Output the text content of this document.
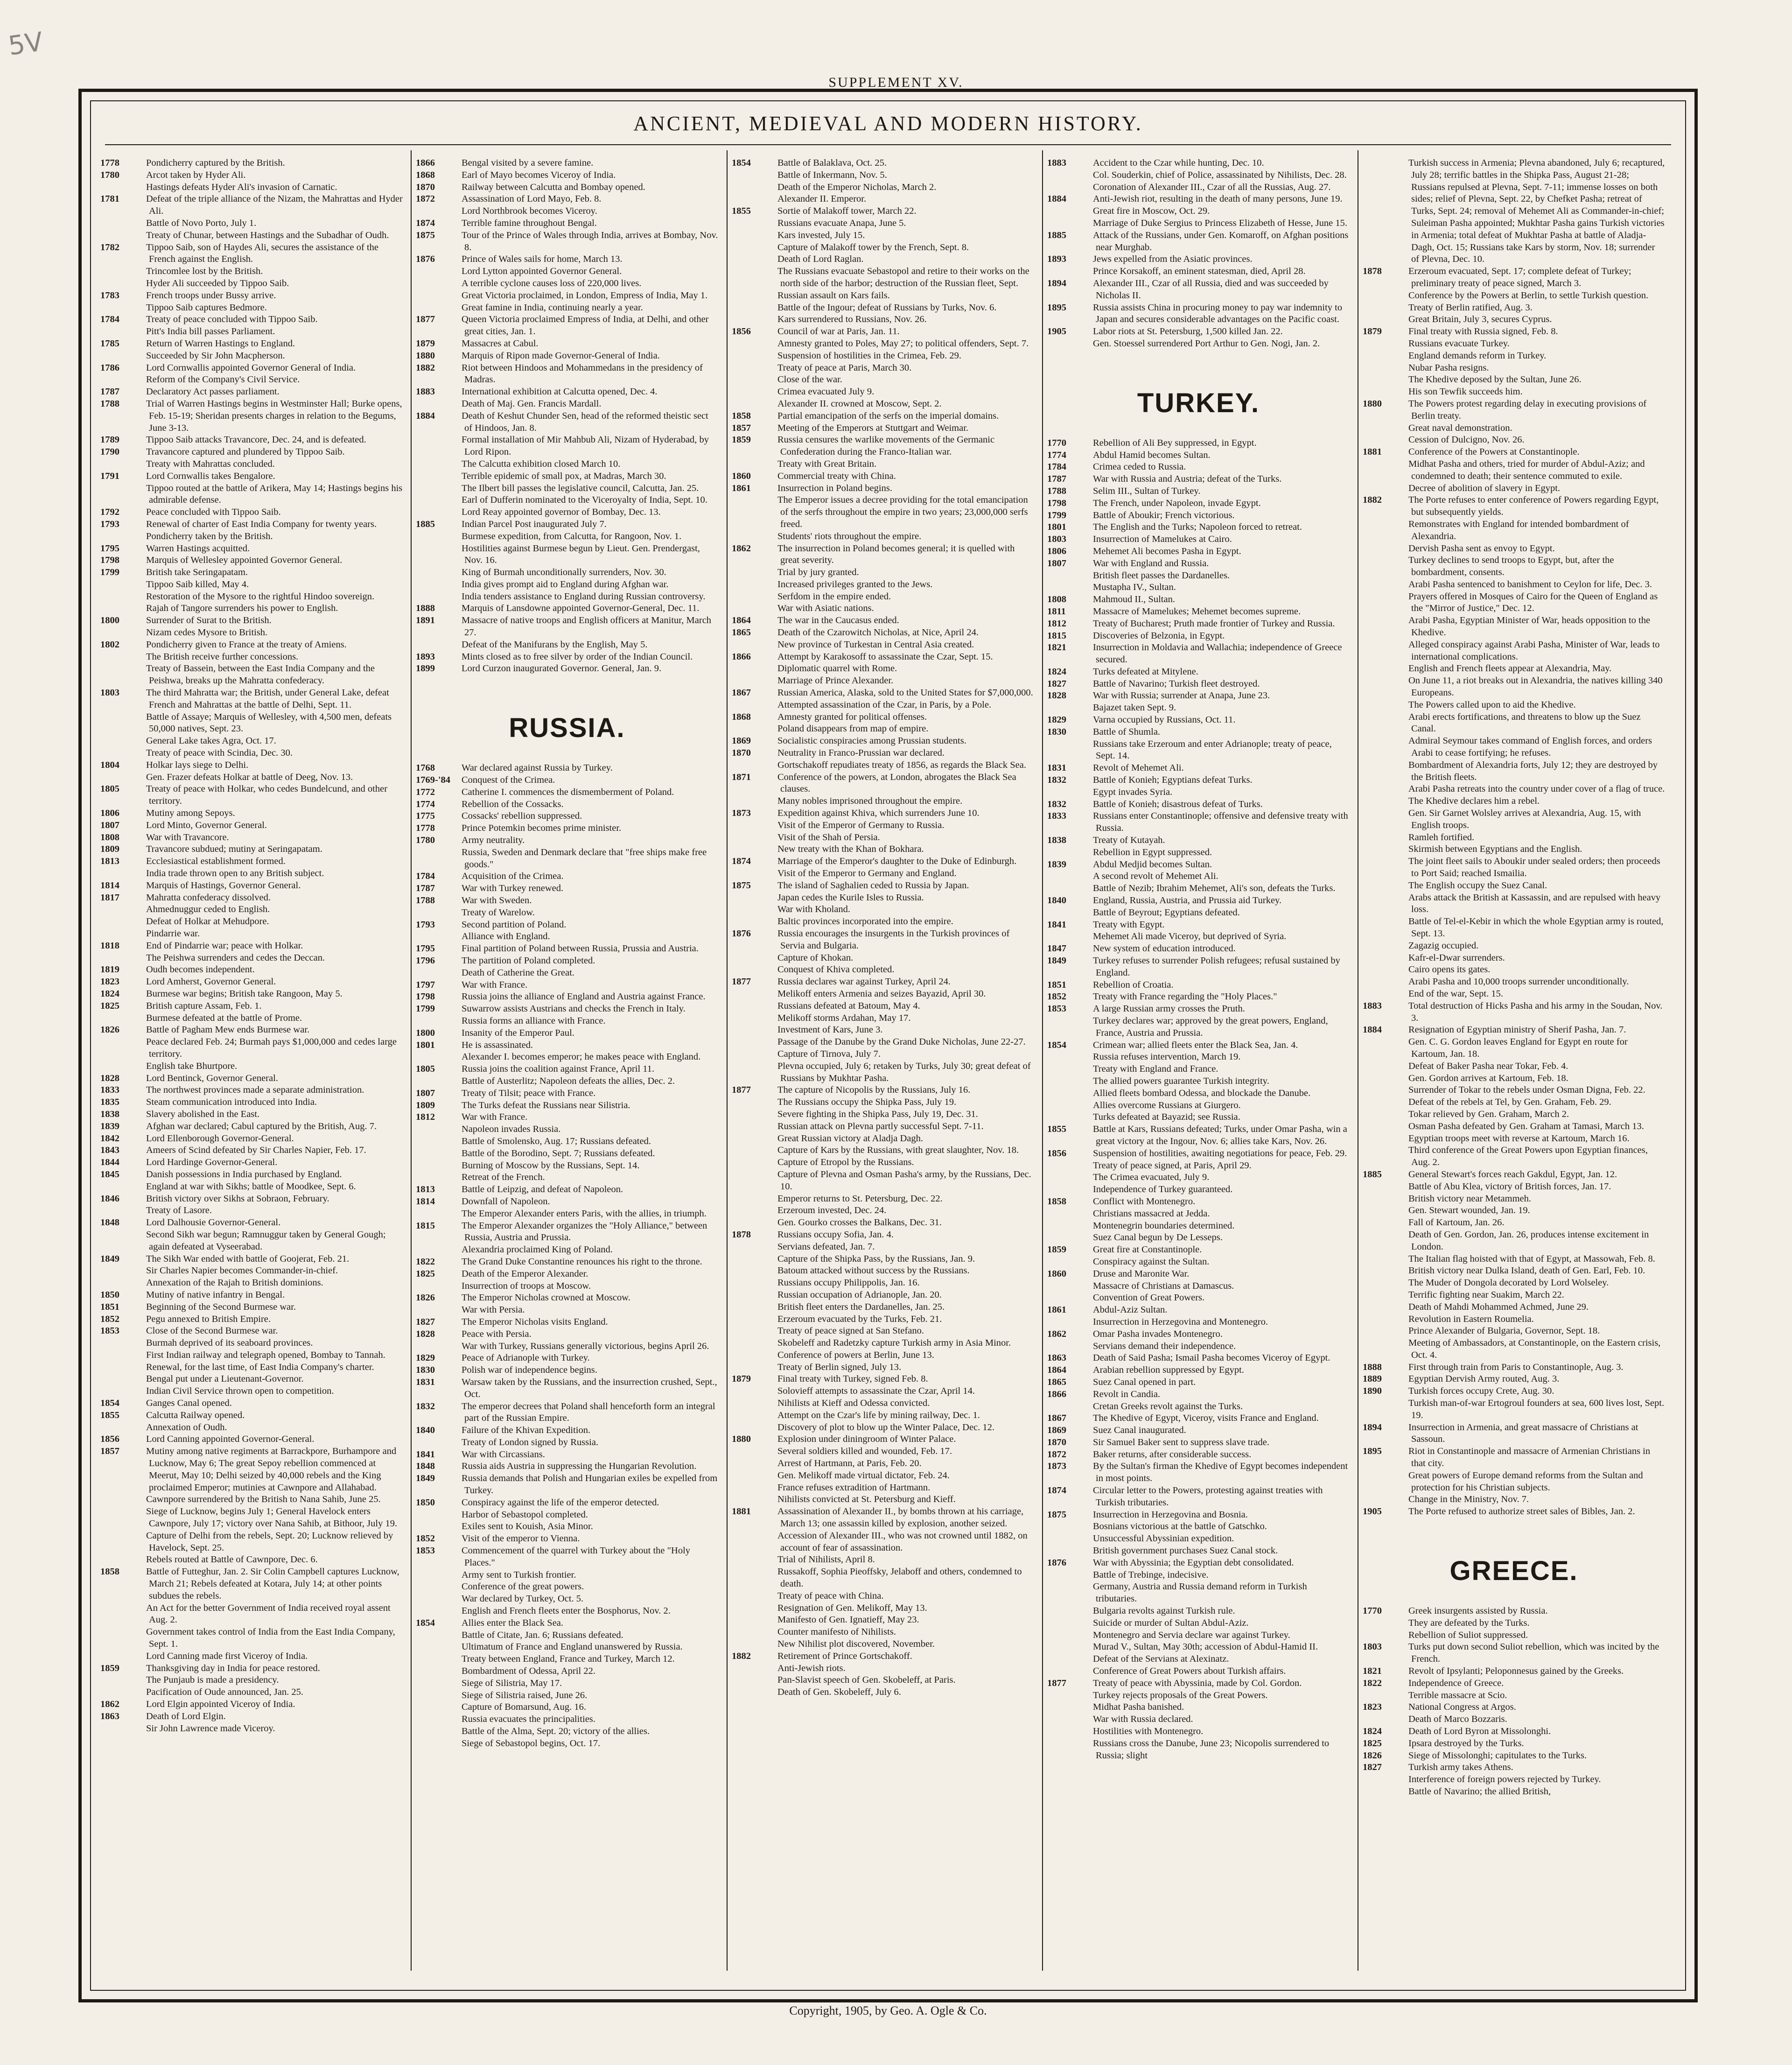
5V
SUPPLEMENT XV.
ANCIENT, MEDIEVAL AND MODERN HISTORY.

1778	Pondicherry captured by the British.

1780	Arcot taken by Hyder Ali.

Hastings defeats Hyder Ali's invasion of Carnatic.

1781	Defeat of the triple alliance of the Nizam, the Mahrattas and Hyder Ali.

Battle of Novo Porto, July 1.

Treaty of Chunar, between Hastings and the Subadhar of Oudh.

1782	Tippoo Saib, son of Haydes Ali, secures the assistance of the French against the English.

Trincomlee lost by the British.

Hyder Ali succeeded by Tippoo Saib.

1783	French troops under Bussy arrive.

Tippoo Saib captures Bedmore.

1784	Treaty of peace concluded with Tippoo Saib.

Pitt's India bill passes Parliament.

1785	Return of Warren Hastings to England.

Succeeded by Sir John Macpherson.

1786	Lord Cornwallis appointed Governor General of India.

Reform of the Company's Civil Service.

1787	Declaratory Act passes parliament.

1788	Trial of Warren Hastings begins in Westminster Hall; Burke opens, Feb. 15-19; Sheridan presents charges in relation to the Begums, June 3-13.

1789	Tippoo Saib attacks Travancore, Dec. 24, and is defeated.

1790	Travancore captured and plundered by Tippoo Saib.

Treaty with Mahrattas concluded.

1791	Lord Cornwallis takes Bengalore.

Tippoo routed at the battle of Arikera, May 14; Hastings begins his admirable defense.

1792	Peace concluded with Tippoo Saib.

1793	Renewal of charter of East India Company for twenty years.

Pondicherry taken by the British.

1795	Warren Hastings acquitted.

1798	Marquis of Wellesley appointed Governor General.

1799	British take Seringapatam.

Tippoo Saib killed, May 4.

Restoration of the Mysore to the rightful Hindoo sovereign.

Rajah of Tangore surrenders his power to English.

1800	Surrender of Surat to the British.

Nizam cedes Mysore to British.

1802	Pondicherry given to France at the treaty of Amiens.

The British receive further concessions.

Treaty of Bassein, between the East India Company and the Peishwa, breaks up the Mahratta confederacy.

1803	The third Mahratta war; the British, under General Lake, defeat French and Mahrattas at the battle of Delhi, Sept. 11.

Battle of Assaye; Marquis of Wellesley, with 4,500 men, defeats 50,000 natives, Sept. 23.

General Lake takes Agra, Oct. 17.

Treaty of peace with Scindia, Dec. 30.

1804	Holkar lays siege to Delhi.

Gen. Frazer defeats Holkar at battle of Deeg, Nov. 13.

1805	Treaty of peace with Holkar, who cedes Bundelcund, and other territory.

1806	Mutiny among Sepoys.

1807	Lord Minto, Governor General.

1808	War with Travancore.

1809	Travancore subdued; mutiny at Seringapatam.

1813	Ecclesiastical establishment formed.

India trade thrown open to any British subject.

1814	Marquis of Hastings, Governor General.

1817	Mahratta confederacy dissolved.

Ahmednuggur ceded to English.

Defeat of Holkar at Mehudpore.

Pindarrie war.

1818	End of Pindarrie war; peace with Holkar.

The Peishwa surrenders and cedes the Deccan.

1819	Oudh becomes independent.

1823	Lord Amherst, Governor General.

1824	Burmese war begins; British take Rangoon, May 5.

1825	British capture Assam, Feb. 1.

Burmese defeated at the battle of Prome.

1826	Battle of Pagham Mew ends Burmese war.

Peace declared Feb. 24; Burmah pays $1,000,000 and cedes large territory.

English take Bhurtpore.

1828	Lord Bentinck, Governor General.

1833	The northwest provinces made a separate administration.

1835	Steam communication introduced into India.

1838	Slavery abolished in the East.

1839	Afghan war declared; Cabul captured by the British, Aug. 7.

1842	Lord Ellenborough Governor-General.

1843	Ameers of Scind defeated by Sir Charles Napier, Feb. 17.

1844	Lord Hardinge Governor-General.

1845	Danish possessions in India purchased by England.

England at war with Sikhs; battle of Moodkee, Sept. 6.

1846	British victory over Sikhs at Sobraon, February.

Treaty of Lasore.

1848	Lord Dalhousie Governor-General.

Second Sikh war begun; Ramnuggur taken by General Gough; again defeated at Vyseerabad.

1849	The Sikh War ended with battle of Goojerat, Feb. 21.

Sir Charles Napier becomes Commander-in-chief.

Annexation of the Rajah to British dominions.

1850	Mutiny of native infantry in Bengal.

1851	Beginning of the Second Burmese war.

1852	Pegu annexed to British Empire.

1853	Close of the Second Burmese war.

Burmah deprived of its seaboard provinces.

First Indian railway and telegraph opened, Bombay to Tannah.

Renewal, for the last time, of East India Company's charter.

Bengal put under a Lieutenant-Governor.

Indian Civil Service thrown open to competition.

1854	Ganges Canal opened.

1855	Calcutta Railway opened.

Annexation of Oudh.

1856	Lord Canning appointed Governor-General.

1857	Mutiny among native regiments at Barrackpore, Burhampore and Lucknow, May 6; The great Sepoy rebellion commenced at Meerut, May 10; Delhi seized by 40,000 rebels and the King proclaimed Emperor; mutinies at Cawnpore and Allahabad.

Cawnpore surrendered by the British to Nana Sahib, June 25.

Siege of Lucknow, begins July 1; General Havelock enters Cawnpore, July 17; victory over Nana Sahib, at Bithoor, July 19.

Capture of Delhi from the rebels, Sept. 20; Lucknow relieved by Havelock, Sept. 25.

Rebels routed at Battle of Cawnpore, Dec. 6.

1858	Battle of Futteghur, Jan. 2. Sir Colin Campbell captures Lucknow, March 21; Rebels defeated at Kotara, July 14; at other points subdues the rebels.

An Act for the better Government of India received royal assent Aug. 2.

Government takes control of India from the East India Company, Sept. 1.

Lord Canning made first Viceroy of India.

1859	Thanksgiving day in India for peace restored.

The Punjaub is made a presidency.

Pacification of Oude announced, Jan. 25.

1862	Lord Elgin appointed Viceroy of India.

1863	Death of Lord Elgin.

Sir John Lawrence made Viceroy.

1866	Bengal visited by a severe famine.

1868	Earl of Mayo becomes Viceroy of India.

1870	Railway between Calcutta and Bombay opened.

1872	Assassination of Lord Mayo, Feb. 8.

Lord Northbrook becomes Viceroy.

1874	Terrible famine throughout Bengal.

1875	Tour of the Prince of Wales through India, arrives at Bombay, Nov. 8.

1876	Prince of Wales sails for home, March 13.

Lord Lytton appointed Governor General.

A terrible cyclone causes loss of 220,000 lives.

Great Victoria proclaimed, in London, Empress of India, May 1.

Great famine in India, continuing nearly a year.

1877	Queen Victoria proclaimed Empress of India, at Delhi, and other great cities, Jan. 1.

1879	Massacres at Cabul.

1880	Marquis of Ripon made Governor-General of India.

1882	Riot between Hindoos and Mohammedans in the presidency of Madras.

1883	International exhibition at Calcutta opened, Dec. 4.

Death of Maj. Gen. Francis Mardall.

1884	Death of Keshut Chunder Sen, head of the reformed theistic sect of Hindoos, Jan. 8.

Formal installation of Mir Mahbub Ali, Nizam of Hyderabad, by Lord Ripon.

The Calcutta exhibition closed March 10.

Terrible epidemic of small pox, at Madras, March 30.

The Ilbert bill passes the legislative council, Calcutta, Jan. 25.

Earl of Dufferin nominated to the Viceroyalty of India, Sept. 10.

Lord Reay appointed governor of Bombay, Dec. 13.

1885	Indian Parcel Post inaugurated July 7.

Burmese expedition, from Calcutta, for Rangoon, Nov. 1.

Hostilities against Burmese begun by Lieut. Gen. Prendergast, Nov. 16.

King of Burmah unconditionally surrenders, Nov. 30.

India gives prompt aid to England during Afghan war.

India tenders assistance to England during Russian controversy.

1888	Marquis of Lansdowne appointed Governor-General, Dec. 11.

1891	Massacre of native troops and English officers at Manitur, March 27.

Defeat of the Manifurans by the English, May 5.

1893	Mints closed as to free silver by order of the Indian Council.

1899	Lord Curzon inaugurated Governor. General, Jan. 9.

RUSSIA.

1768	War declared against Russia by Turkey.

1769-'84 Conquest of the Crimea.

1772	Catherine I. commences the dismemberment of Poland.

1774	Rebellion of the Cossacks.

1775	Cossacks' rebellion suppressed.

1778	Prince Potemkin becomes prime minister.

1780	Army neutrality.

Russia, Sweden and Denmark declare that "free ships make free goods."

1784	Acquisition of the Crimea.

1787	War with Turkey renewed.

1788	War with Sweden.

Treaty of Warelow.

1793	Second partition of Poland.

Alliance with England.

1795	Final partition of Poland between Russia, Prussia and Austria.

1796	The partition of Poland completed.

Death of Catherine the Great.

1797	War with France.

1798	Russia joins the alliance of England and Austria against France.

1799	Suwarrow assists Austrians and checks the French in Italy.

Russia forms an alliance with France.

1800	Insanity of the Emperor Paul.

1801	He is assassinated.

Alexander I. becomes emperor; he makes peace with England.

1805	Russia joins the coalition against France, April 11.

Battle of Austerlitz; Napoleon defeats the allies, Dec. 2.

1807	Treaty of Tilsit; peace with France.

1809	The Turks defeat the Russians near Silistria.

1812	War with France.

Napoleon invades Russia.

Battle of Smolensko, Aug. 17; Russians defeated.

Battle of the Borodino, Sept. 7; Russians defeated.

Burning of Moscow by the Russians, Sept. 14.

Retreat of the French.

1813	Battle of Leipzig, and defeat of Napoleon.

1814	Downfall of Napoleon.

The Emperor Alexander enters Paris, with the allies, in triumph.

1815	The Emperor Alexander organizes the "Holy Alliance," between Russia, Austria and Prussia.

Alexandria proclaimed King of Poland.

1822	The Grand Duke Constantine renounces his right to the throne.

1825	Death of the Emperor Alexander.

Insurrection of troops at Moscow.

1826	The Emperor Nicholas crowned at Moscow.

War with Persia.

1827	The Emperor Nicholas visits England.

1828	Peace with Persia.

War with Turkey, Russians generally victorious, begins April 26.

1829	Peace of Adrianople with Turkey.

1830	Polish war of independence begins.

1831	Warsaw taken by the Russians, and the insurrection crushed, Sept., Oct.

1832	The emperor decrees that Poland shall henceforth form an integral part of the Russian Empire.

1840	Failure of the Khivan Expedition.

Treaty of London signed by Russia.

1841	War with Circassians.

1848	Russia aids Austria in suppressing the Hungarian Revolution.

1849	Russia demands that Polish and Hungarian exiles be expelled from Turkey.

1850	Conspiracy against the life of the emperor detected.

Harbor of Sebastopol completed.

Exiles sent to Kouish, Asia Minor.

1852	Visit of the emperor to Vienna.

1853	Commencement of the quarrel with Turkey about the "Holy Places."

Army sent to Turkish frontier.

Conference of the great powers.

War declared by Turkey, Oct. 5.

English and French fleets enter the Bosphorus, Nov. 2.

1854	Allies enter the Black Sea.

Battle of Citate, Jan. 6; Russians defeated.

Ultimatum of France and England unanswered by Russia.

Treaty between England, France and Turkey, March 12.

Bombardment of Odessa, April 22.

Siege of Silistria, May 17.

Siege of Silistria raised, June 26.

Capture of Bomarsund, Aug. 16.

Russia evacuates the principalities.

Battle of the Alma, Sept. 20; victory of the allies.

Siege of Sebastopol begins, Oct. 17.

1854	Battle of Balaklava, Oct. 25.

Battle of Inkermann, Nov. 5.

Death of the Emperor Nicholas, March 2.

Alexander II. Emperor.

1855	Sortie of Malakoff tower, March 22.

Russians evacuate Anapa, June 5.

Kars invested, July 15.

Capture of Malakoff tower by the French, Sept. 8.

Death of Lord Raglan.

The Russians evacuate Sebastopol and retire to their works on the north side of the harbor; destruction of the Russian fleet, Sept.

Russian assault on Kars fails.

Battle of the Ingour; defeat of Russians by Turks, Nov. 6.

Kars surrendered to Russians, Nov. 26.

1856	Council of war at Paris, Jan. 11.

Amnesty granted to Poles, May 27; to political offenders, Sept. 7.

Suspension of hostilities in the Crimea, Feb. 29.

Treaty of peace at Paris, March 30.

Close of the war.

Crimea evacuated July 9.

Alexander II. crowned at Moscow, Sept. 2.

1858	Partial emancipation of the serfs on the imperial domains.

1857	Meeting of the Emperors at Stuttgart and Weimar.

1859	Russia censures the warlike movements of the Germanic Confederation during the Franco-Italian war.

Treaty with Great Britain.

1860	Commercial treaty with China.

1861	Insurrection in Poland begins.

The Emperor issues a decree providing for the total emancipation of the serfs throughout the empire in two years; 23,000,000 serfs freed.

Students' riots throughout the empire.

1862	The insurrection in Poland becomes general; it is quelled with great severity.

Trial by jury granted.

Increased privileges granted to the Jews.

Serfdom in the empire ended.

War with Asiatic nations.

1864	The war in the Caucasus ended.

1865	Death of the Czarowitch Nicholas, at Nice, April 24.

New province of Turkestan in Central Asia created.

1866	Attempt by Karakosoff to assassinate the Czar, Sept. 15.

Diplomatic quarrel with Rome.

Marriage of Prince Alexander.

1867	Russian America, Alaska, sold to the United States for $7,000,000.

Attempted assassination of the Czar, in Paris, by a Pole.

1868	Amnesty granted for political offenses.

Poland disappears from map of empire.

1869	Socialistic conspiracies among Prussian students.

1870	Neutrality in Franco-Prussian war declared.

Gortschakoff repudiates treaty of 1856, as regards the Black Sea.

1871	Conference of the powers, at London, abrogates the Black Sea clauses.

Many nobles imprisoned throughout the empire.

1873	Expedition against Khiva, which surrenders June 10.

Visit of the Emperor of Germany to Russia.

Visit of the Shah of Persia.

New treaty with the Khan of Bokhara.

1874	Marriage of the Emperor's daughter to the Duke of Edinburgh.

Visit of the Emperor to Germany and England.

1875	The island of Saghalien ceded to Russia by Japan.

Japan cedes the Kurile Isles to Russia.

War with Kholand.

Baltic provinces incorporated into the empire.

1876	Russia encourages the insurgents in the Turkish provinces of Servia and Bulgaria.

Capture of Khokan.

Conquest of Khiva completed.

1877	Russia declares war against Turkey, April 24.

Melikoff enters Armenia and seizes Bayazid, April 30.

Russians defeated at Batoum, May 4.

Melikoff storms Ardahan, May 17.

Investment of Kars, June 3.

Passage of the Danube by the Grand Duke Nicholas, June 22-27.

Capture of Tirnova, July 7.

Plevna occupied, July 6; retaken by Turks, July 30; great defeat of Russians by Mukhtar Pasha.

1877	The capture of Nicopolis by the Russians, July 16.

The Russians occupy the Shipka Pass, July 19.

Severe fighting in the Shipka Pass, July 19, Dec. 31.

Russian attack on Plevna partly successful Sept. 7-11.

Great Russian victory at Aladja Dagh.

Capture of Kars by the Russians, with great slaughter, Nov. 18.

Capture of Etropol by the Russians.

Capture of Plevna and Osman Pasha's army, by the Russians, Dec. 10.

Emperor returns to St. Petersburg, Dec. 22.

Erzeroum invested, Dec. 24.

Gen. Gourko crosses the Balkans, Dec. 31.

1878	Russians occupy Sofia, Jan. 4.

Servians defeated, Jan. 7.

Capture of the Shipka Pass, by the Russians, Jan. 9.

Batoum attacked without success by the Russians.

Russians occupy Philippolis, Jan. 16.

Russian occupation of Adrianople, Jan. 20.

British fleet enters the Dardanelles, Jan. 25.

Erzeroum evacuated by the Turks, Feb. 21.

Treaty of peace signed at San Stefano.

Skobeleff and Radetzky capture Turkish army in Asia Minor.

Conference of powers at Berlin, June 13.

Treaty of Berlin signed, July 13.

1879	Final treaty with Turkey, signed Feb. 8.

Solovieff attempts to assassinate the Czar, April 14.

Nihilists at Kieff and Odessa convicted.

Attempt on the Czar's life by mining railway, Dec. 1.

Discovery of plot to blow up the Winter Palace, Dec. 12.

1880	Explosion under diningroom of Winter Palace.

Several soldiers killed and wounded, Feb. 17.

Arrest of Hartmann, at Paris, Feb. 20.

Gen. Melikoff made virtual dictator, Feb. 24.

France refuses extradition of Hartmann.

Nihilists convicted at St. Petersburg and Kieff.

1881	Assassination of Alexander II., by bombs thrown at his carriage, March 13; one assassin killed by explosion, another seized.

Accession of Alexander III., who was not crowned until 1882, on account of fear of assassination.

Trial of Nihilists, April 8.

Russakoff, Sophia Pieoffsky, Jelaboff and others, condemned to death.

Treaty of peace with China.

Resignation of Gen. Melikoff, May 13.

Manifesto of Gen. Ignatieff, May 23.

Counter manifesto of Nihilists.

New Nihilist plot discovered, November.

1882	Retirement of Prince Gortschakoff.

Anti-Jewish riots.

Pan-Slavist speech of Gen. Skobeleff, at Paris.

Death of Gen. Skobeleff, July 6.

1883	Accident to the Czar while hunting, Dec. 10.

Col. Souderkin, chief of Police, assassinated by Nihilists, Dec. 28.

Coronation of Alexander III., Czar of all the Russias, Aug. 27.

1884	Anti-Jewish riot, resulting in the death of many persons, June 19.

Great fire in Moscow, Oct. 29.

Marriage of Duke Sergius to Princess Elizabeth of Hesse, June 15.

1885	Attack of the Russians, under Gen. Komaroff, on Afghan positions near Murghab.

1893	Jews expelled from the Asiatic provinces.

Prince Korsakoff, an eminent statesman, died, April 28.

1894	Alexander III., Czar of all Russia, died and was succeeded by Nicholas II.

1895	Russia assists China in procuring money to pay war indemnity to Japan and secures considerable advantages on the Pacific coast.

1905	Labor riots at St. Petersburg, 1,500 killed Jan. 22.

Gen. Stoessel surrendered Port Arthur to Gen. Nogi, Jan. 2.

TURKEY.

1770	Rebellion of Ali Bey suppressed, in Egypt.

1774	Abdul Hamid becomes Sultan.

1784	Crimea ceded to Russia.

1787	War with Russia and Austria; defeat of the Turks.

1788	Selim III., Sultan of Turkey.

1798	The French, under Napoleon, invade Egypt.

1799	Battle of Aboukir; French victorious.

1801	The English and the Turks; Napoleon forced to retreat.

1803	Insurrection of Mamelukes at Cairo.

1806	Mehemet Ali becomes Pasha in Egypt.

1807	War with England and Russia.

British fleet passes the Dardanelles.

Mustapha IV., Sultan.

1808	Mahmoud II., Sultan.

1811	Massacre of Mamelukes; Mehemet becomes supreme.

1812	Treaty of Bucharest; Pruth made frontier of Turkey and Russia.

1815	Discoveries of Belzonia, in Egypt.

1821	Insurrection in Moldavia and Wallachia; independence of Greece secured.

1824	Turks defeated at Mitylene.

1827	Battle of Navarino; Turkish fleet destroyed.

1828	War with Russia; surrender at Anapa, June 23.

Bajazet taken Sept. 9.

1829	Varna occupied by Russians, Oct. 11.

1830	Battle of Shumla.

Russians take Erzeroum and enter Adrianople; treaty of peace, Sept. 14.

1831	Revolt of Mehemet Ali.

1832	Battle of Konieh; Egyptians defeat Turks.

Egypt invades Syria.

1832	Battle of Konieh; disastrous defeat of Turks.

1833	Russians enter Constantinople; offensive and defensive treaty with Russia.

1838	Treaty of Kutayah.

Rebellion in Egypt suppressed.

1839	Abdul Medjid becomes Sultan.

A second revolt of Mehemet Ali.

Battle of Nezib; Ibrahim Mehemet, Ali's son, defeats the Turks.

1840	England, Russia, Austria, and Prussia aid Turkey.

Battle of Beyrout; Egyptians defeated.

1841	Treaty with Egypt.

Mehemet Ali made Viceroy, but deprived of Syria.

1847	New system of education introduced.

1849	Turkey refuses to surrender Polish refugees; refusal sustained by England.

1851	Rebellion of Croatia.

1852	Treaty with France regarding the "Holy Places."

1853	A large Russian army crosses the Pruth.

Turkey declares war; approved by the great powers, England, France, Austria and Prussia.

1854	Crimean war; allied fleets enter the Black Sea, Jan. 4.

Russia refuses intervention, March 19.

Treaty with England and France.

The allied powers guarantee Turkish integrity.

Allied fleets bombard Odessa, and blockade the Danube.

Allies overcome Russians at Giurgero.

Turks defeated at Bayazid; see Russia.

1855	Battle at Kars, Russians defeated; Turks, under Omar Pasha, win a great victory at the Ingour, Nov. 6; allies take Kars, Nov. 26.

1856	Suspension of hostilities, awaiting negotiations for peace, Feb. 29.

Treaty of peace signed, at Paris, April 29.

The Crimea evacuated, July 9.

Independence of Turkey guaranteed.

1858	Conflict with Montenegro.

Christians massacred at Jedda.

Montenegrin boundaries determined.

Suez Canal begun by De Lesseps.

1859	Great fire at Constantinople.

Conspiracy against the Sultan.

1860	Druse and Maronite War.

Massacre of Christians at Damascus.

Convention of Great Powers.

1861	Abdul-Aziz Sultan.

Insurrection in Herzegovina and Montenegro.

1862	Omar Pasha invades Montenegro.

Servians demand their independence.

1863	Death of Said Pasha; Ismail Pasha becomes Viceroy of Egypt.

1864	Arabian rebellion suppressed by Egypt.

1865	Suez Canal opened in part.

1866	Revolt in Candia.

Cretan Greeks revolt against the Turks.

1867	The Khedive of Egypt, Viceroy, visits France and England.

1869	Suez Canal inaugurated.

1870	Sir Samuel Baker sent to suppress slave trade.

1872	Baker returns, after considerable success.

1873	By the Sultan's firman the Khedive of Egypt becomes independent in most points.

1874	Circular letter to the Powers, protesting against treaties with Turkish tributaries.

1875	Insurrection in Herzegovina and Bosnia.

Bosnians victorious at the battle of Gatschko.

Unsuccessful Abyssinian expedition.

British government purchases Suez Canal stock.

1876	War with Abyssinia; the Egyptian debt consolidated.

Battle of Trebinge, indecisive.

Germany, Austria and Russia demand reform in Turkish tributaries.

Bulgaria revolts against Turkish rule.

Suicide or murder of Sultan Abdul-Aziz.

Montenegro and Servia declare war against Turkey.

Murad V., Sultan, May 30th; accession of Abdul-Hamid II.

Defeat of the Servians at Alexinatz.

Conference of Great Powers about Turkish affairs.

1877	Treaty of peace with Abyssinia, made by Col. Gordon.

Turkey rejects proposals of the Great Powers.

Midhat Pasha banished.

War with Russia declared.

Hostilities with Montenegro.

Russians cross the Danube, June 23; Nicopolis surrendered to Russia; slight

Turkish success in Armenia; Plevna abandoned, July 6; recaptured, July 28; terrific battles in the Shipka Pass, August 21-28; Russians repulsed at Plevna, Sept. 7-11; immense losses on both sides; relief of Plevna, Sept. 22, by Chefket Pasha; retreat of Turks, Sept. 24; removal of Mehemet Ali as Commander-in-chief; Suleiman Pasha appointed; Mukhtar Pasha gains Turkish victories in Armenia; total defeat of Mukhtar Pasha at battle of Aladja-Dagh, Oct. 15; Russians take Kars by storm, Nov. 18; surrender of Plevna, Dec. 10.

1878	Erzeroum evacuated, Sept. 17; complete defeat of Turkey; preliminary treaty of peace signed, March 3.

Conference by the Powers at Berlin, to settle Turkish question.

Treaty of Berlin ratified, Aug. 3.

Great Britain, July 3, secures Cyprus.

1879	Final treaty with Russia signed, Feb. 8.

Russians evacuate Turkey.

England demands reform in Turkey.

Nubar Pasha resigns.

The Khedive deposed by the Sultan, June 26.

His son Tewfik succeeds him.

1880	The Powers protest regarding delay in executing provisions of Berlin treaty.

Great naval demonstration.

Cession of Dulcigno, Nov. 26.

1881	Conference of the Powers at Constantinople.

Midhat Pasha and others, tried for murder of Abdul-Aziz; and condemned to death; their sentence commuted to exile.

Decree of abolition of slavery in Egypt.

1882	The Porte refuses to enter conference of Powers regarding Egypt, but subsequently yields.

Remonstrates with England for intended bombardment of Alexandria.

Dervish Pasha sent as envoy to Egypt.

Turkey declines to send troops to Egypt, but, after the bombardment, consents.

Arabi Pasha sentenced to banishment to Ceylon for life, Dec. 3.

Prayers offered in Mosques of Cairo for the Queen of England as the "Mirror of Justice," Dec. 12.

Arabi Pasha, Egyptian Minister of War, heads opposition to the Khedive.

Alleged conspiracy against Arabi Pasha, Minister of War, leads to international complications.

English and French fleets appear at Alexandria, May.

On June 11, a riot breaks out in Alexandria, the natives killing 340 Europeans.

The Powers called upon to aid the Khedive.

Arabi erects fortifications, and threatens to blow up the Suez Canal.

Admiral Seymour takes command of English forces, and orders Arabi to cease fortifying; he refuses.

Bombardment of Alexandria forts, July 12; they are destroyed by the British fleets.

Arabi Pasha retreats into the country under cover of a flag of truce.

The Khedive declares him a rebel.

Gen. Sir Garnet Wolsley arrives at Alexandria, Aug. 15, with English troops.

Ramleh fortified.

Skirmish between Egyptians and the English.

The joint fleet sails to Aboukir under sealed orders; then proceeds to Port Said; reached Ismailia.

The English occupy the Suez Canal.

Arabs attack the British at Kassassin, and are repulsed with heavy loss.

Battle of Tel-el-Kebir in which the whole Egyptian army is routed, Sept. 13.

Zagazig occupied.

Kafr-el-Dwar surrenders.

Cairo opens its gates.

Arabi Pasha and 10,000 troops surrender unconditionally.

End of the war, Sept. 15.

1883	Total destruction of Hicks Pasha and his army in the Soudan, Nov. 3.

1884	Resignation of Egyptian ministry of Sherif Pasha, Jan. 7.

Gen. C. G. Gordon leaves England for Egypt en route for Kartoum, Jan. 18.

Defeat of Baker Pasha near Tokar, Feb. 4.

Gen. Gordon arrives at Kartoum, Feb. 18.

Surrender of Tokar to the rebels under Osman Digna, Feb. 22.

Defeat of the rebels at Tel, by Gen. Graham, Feb. 29.

Tokar relieved by Gen. Graham, March 2.

Osman Pasha defeated by Gen. Graham at Tamasi, March 13.

Egyptian troops meet with reverse at Kartoum, March 16.

Third conference of the Great Powers upon Egyptian finances, Aug. 2.

1885	General Stewart's forces reach Gakdul, Egypt, Jan. 12.

Battle of Abu Klea, victory of British forces, Jan. 17.

British victory near Metammeh.

Gen. Stewart wounded, Jan. 19.

Fall of Kartoum, Jan. 26.

Death of Gen. Gordon, Jan. 26, produces intense excitement in London.

The Italian flag hoisted with that of Egypt, at Massowah, Feb. 8.

British victory near Dulka Island, death of Gen. Earl, Feb. 10.

The Muder of Dongola decorated by Lord Wolseley.

Terrific fighting near Suakim, March 22.

Death of Mahdi Mohammed Achmed, June 29.

Revolution in Eastern Roumelia.

Prince Alexander of Bulgaria, Governor, Sept. 18.

Meeting of Ambassadors, at Constantinople, on the Eastern crisis, Oct. 4.

1888	First through train from Paris to Constantinople, Aug. 3.

1889	Egyptian Dervish Army routed, Aug. 3.

1890	Turkish forces occupy Crete, Aug. 30.

Turkish man-of-war Ertogroul founders at sea, 600 lives lost, Sept. 19.

1894	Insurrection in Armenia, and great massacre of Christians at Sassoun.

1895	Riot in Constantinople and massacre of Armenian Christians in that city.

Great powers of Europe demand reforms from the Sultan and protection for his Christian subjects.

Change in the Ministry, Nov. 7.

1905	The Porte refused to authorize street sales of Bibles, Jan. 2.

GREECE.

1770	Greek insurgents assisted by Russia.

They are defeated by the Turks.

Rebellion of Suliot suppressed.

1803	Turks put down second Suliot rebellion, which was incited by the French.

1821	Revolt of Ipsylanti; Peloponnesus gained by the Greeks.

1822	Independence of Greece.

Terrible massacre at Scio.

1823	National Congress at Argos.

Death of Marco Bozzaris.

1824	Death of Lord Byron at Missolonghi.

1825	Ipsara destroyed by the Turks.

1826	Siege of Missolonghi; capitulates to the Turks.

1827	Turkish army takes Athens.

Interference of foreign powers rejected by Turkey.

Battle of Navarino; the allied British,

Copyright, 1905, by Geo. A. Ogle & Co.
